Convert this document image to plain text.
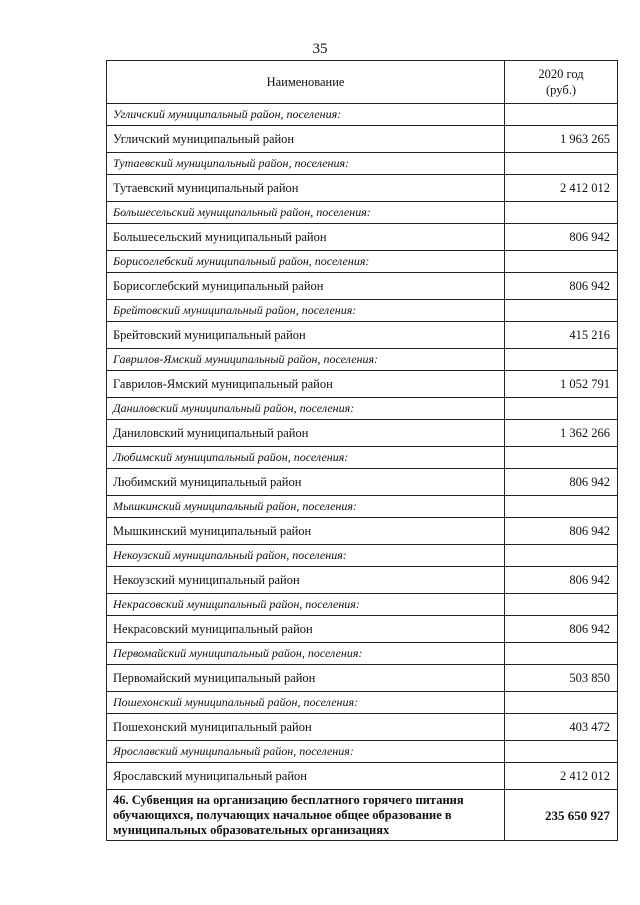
35
Наименование	2020 год
(руб.)
Угличский муниципальный район, поселения:	
Угличский муниципальный район	1 963 265
Тутаевский муниципальный район, поселения:	
Тутаевский муниципальный район	2 412 012
Большесельский муниципальный район, поселения:	
Большесельский муниципальный район	806 942
Борисоглебский муниципальный район, поселения:	
Борисоглебский муниципальный район	806 942
Брейтовский муниципальный район, поселения:	
Брейтовский муниципальный район	415 216
Гаврилов-Ямский муниципальный район, поселения:	
Гаврилов-Ямский муниципальный район	1 052 791
Даниловский муниципальный район, поселения:	
Даниловский муниципальный район	1 362 266
Любимский муниципальный район, поселения:	
Любимский муниципальный район	806 942
Мышкинский муниципальный район, поселения:	
Мышкинский муниципальный район	806 942
Некоузский муниципальный район, поселения:	
Некоузский муниципальный район	806 942
Некрасовский муниципальный район, поселения:	
Некрасовский муниципальный район	806 942
Первомайский муниципальный район, поселения:	
Первомайский муниципальный район	503 850
Пошехонский муниципальный район, поселения:	
Пошехонский муниципальный район	403 472
Ярославский муниципальный район, поселения:	
Ярославский муниципальный район	2 412 012
46. Субвенция на организацию бесплатного горячего питания обучающихся, получающих начальное общее образование в муниципальных образовательных организациях	235 650 927
